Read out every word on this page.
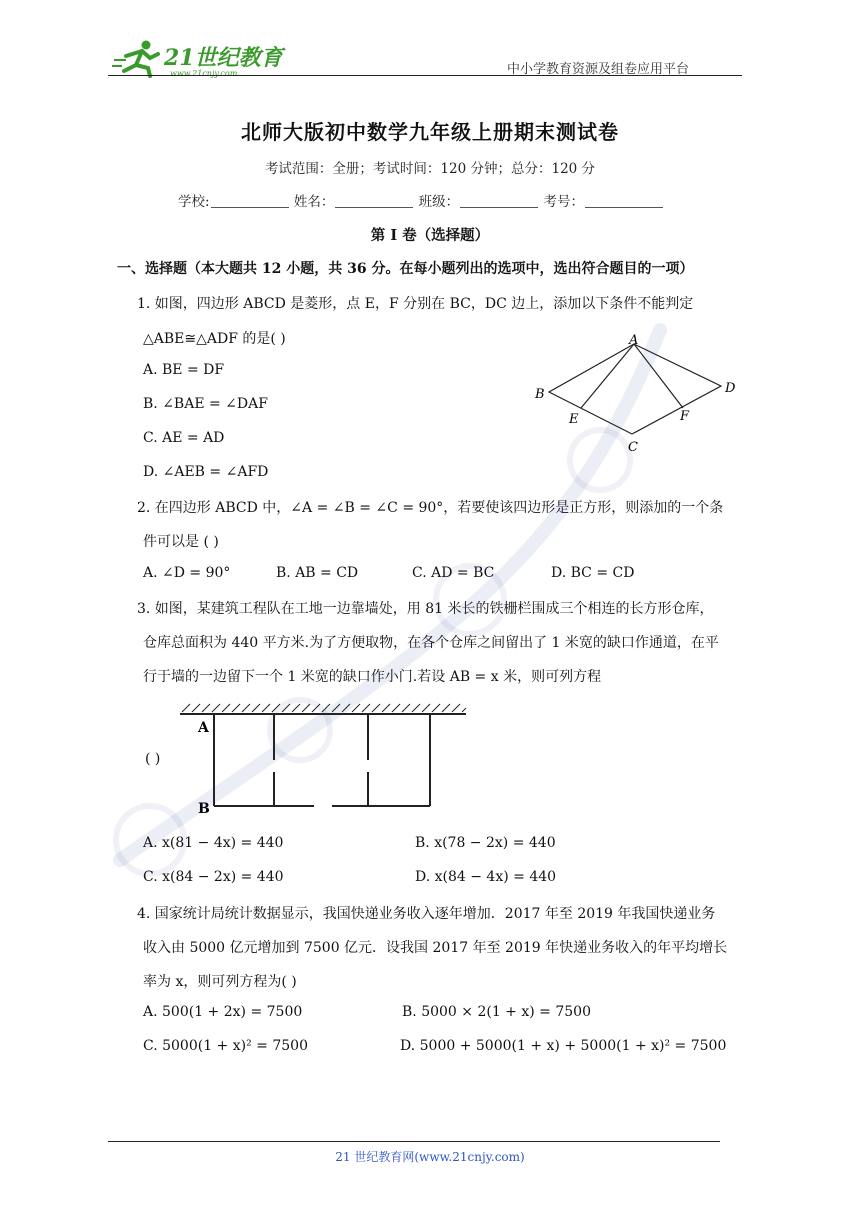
21世纪教育
www.21cnjy.com	中小学教育资源及组卷应用平台
北师大版初中数学九年级上册期末测试卷
考试范围：全册；考试时间：120 分钟；总分：120 分
学校:	姓名：	班级：	考号：
第 I 卷（选择题）
一、选择题（本大题共 12 小题，共 36 分。在每小题列出的选项中，选出符合题目的一项）
1. 如图，四边形 ABCD 是菱形，点 E，F 分别在 BC，DC 边上，添加以下条件不能判定
△ABE≅△ADF 的是( )
A. BE = DF
B. ∠BAE = ∠DAF
C. AE = AD
D. ∠AEB = ∠AFD
A
B
C
D
E	F
2. 在四边形 ABCD 中，∠A = ∠B = ∠C = 90°，若要使该四边形是正方形，则添加的一个条
件可以是 ( )
A. ∠D = 90°	B. AB = CD	C. AD = BC	D. BC = CD
3. 如图，某建筑工程队在工地一边靠墙处，用 81 米长的铁栅栏围成三个相连的长方形仓库，
仓库总面积为 440 平方米.为了方便取物，在各个仓库之间留出了 1 米宽的缺口作通道，在平
行于墙的一边留下一个 1 米宽的缺口作小门.若设 AB = x 米，则可列方程
A
B
( )
A. x(81 − 4x) = 440	B. x(78 − 2x) = 440
C. x(84 − 2x) = 440	D. x(84 − 4x) = 440
4. 国家统计局统计数据显示，我国快递业务收入逐年增加．2017 年至 2019 年我国快递业务
收入由 5000 亿元增加到 7500 亿元．设我国 2017 年至 2019 年快递业务收入的年平均增长
率为 x，则可列方程为( )
A. 500(1 + 2x) = 7500	B. 5000 × 2(1 + x) = 7500
C. 5000(1 + x)² = 7500	D. 5000 + 5000(1 + x) + 5000(1 + x)² = 7500
21 世纪教育网(www.21cnjy.com)
